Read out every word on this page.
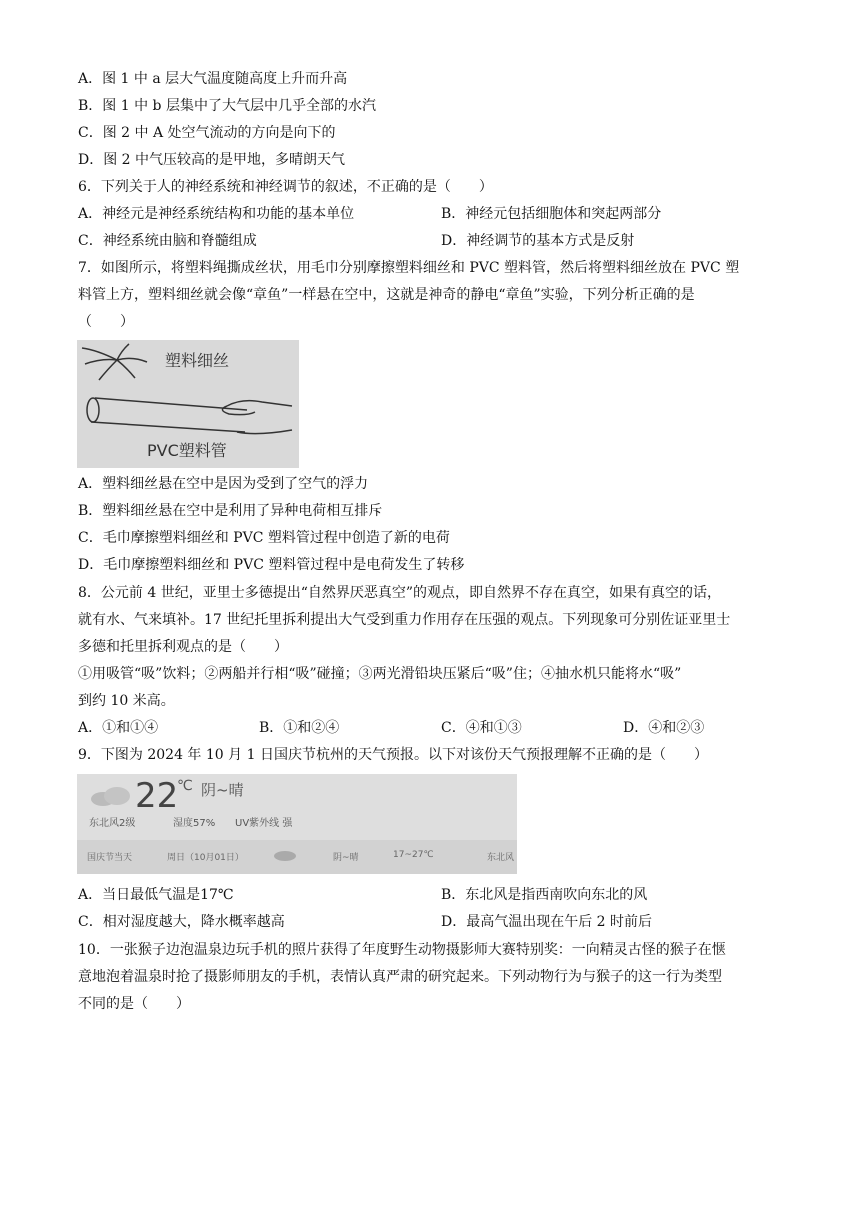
A．图 1 中 a 层大气温度随高度上升而升高
B．图 1 中 b 层集中了大气层中几乎全部的水汽
C．图 2 中 A 处空气流动的方向是向下的
D．图 2 中气压较高的是甲地，多晴朗天气
6．下列关于人的神经系统和神经调节的叙述，不正确的是（　　）
A．神经元是神经系统结构和功能的基本单位	B．神经元包括细胞体和突起两部分
C．神经系统由脑和脊髓组成	D．神经调节的基本方式是反射
7．如图所示，将塑料绳撕成丝状，用毛巾分别摩擦塑料细丝和 PVC 塑料管，然后将塑料细丝放在 PVC 塑
料管上方，塑料细丝就会像“章鱼”一样悬在空中，这就是神奇的静电“章鱼”实验，下列分析正确的是
（　　）
塑料细丝
PVC塑料管
A．塑料细丝悬在空中是因为受到了空气的浮力
B．塑料细丝悬在空中是利用了异种电荷相互排斥
C．毛巾摩擦塑料细丝和 PVC 塑料管过程中创造了新的电荷
D．毛巾摩擦塑料细丝和 PVC 塑料管过程中是电荷发生了转移
8．公元前 4 世纪，亚里士多德提出“自然界厌恶真空”的观点，即自然界不存在真空，如果有真空的话，
就有水、气来填补。17 世纪托里拆利提出大气受到重力作用存在压强的观点。下列现象可分别佐证亚里士
多德和托里拆利观点的是（　　）
①用吸管“吸”饮料；②两船并行相“吸”碰撞；③两光滑铅块压紧后“吸”住；④抽水机只能将水“吸”
到约 10 米高。
A．①和①④	B．①和②④	C．④和①③	D．④和②③
9．下图为 2024 年 10 月 1 日国庆节杭州的天气预报。以下对该份天气预报理解不正确的是（　　）
22
℃ 阴~晴
东北风2级	湿度57% UV紫外线 强
国庆节当天	周日（10月01日）	阴~晴	17~27℃	东北风
A．当日最低气温是17℃	B．东北风是指西南吹向东北的风
C．相对湿度越大，降水概率越高	D．最高气温出现在午后 2 时前后
10．一张猴子边泡温泉边玩手机的照片获得了年度野生动物摄影师大赛特别奖：一向精灵古怪的猴子在惬
意地泡着温泉时抢了摄影师朋友的手机，表情认真严肃的研究起来。下列动物行为与猴子的这一行为类型
不同的是（　　）
